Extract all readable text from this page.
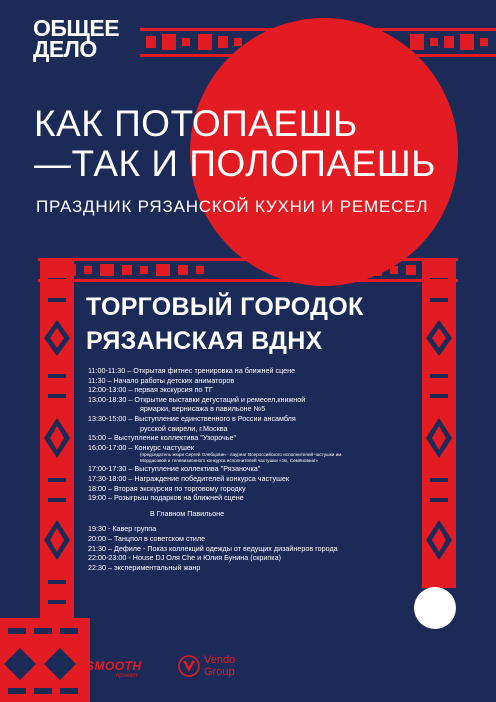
ОБЩЕЕ
ДЕЛО
КАК ПОТОПАЕШЬ
—ТАК И ПОЛОПАЕШЬ
ПРАЗДНИК РЯЗАНСКОЙ КУХНИ И РЕМЕСЕЛ
ТОРГОВЫЙ ГОРОДОК
РЯЗАНСКАЯ ВДНХ
11:00-11:30 – Открытая фитнес тренировка на ближней сцене
11:30 – Начало работы детских аниматоров
12:00-13:00 – первая экскурсия по ТГ
13:00-18:30 – Открытие выставки дегустаций и ремесел,книжной
ярмарки, вернисажа в павильоне №5
13:30-15:00 – Выступление единственного в России ансамбля
русской свирели, г.Москва
15:00 – Выступление коллектива "Узорочье"
16:00-17:00 – Конкурс частушек
(председатель жюри Сергей Олебцовин - лауреат Всероссийского исполнителей частушки им. Мордасовой и телевизионного конкурса исполнителей частушки «Эх, Семёновна!»
17:00-17:30 – Выступление коллектива "Рязаночка"
17:30-18:00 – Награждение победителей конкурса частушек
18:00 – Вторая экскурсия по торговому городку
19:00 – Розыгрыш подарков на ближней сцене
В Главном Павильоне
19:30 - Кавер группа
20:00 – Танцпол в советском стиле
21:30 – Дефиле - Показ коллекций одежды от ведущих дизайнеров города
22:00-23:00 - House DJ Оля Che и Юлия Бунина (скрипка)
22:30 – экспериментальный жанр
SMOOTH
проект
Vendo
Group
